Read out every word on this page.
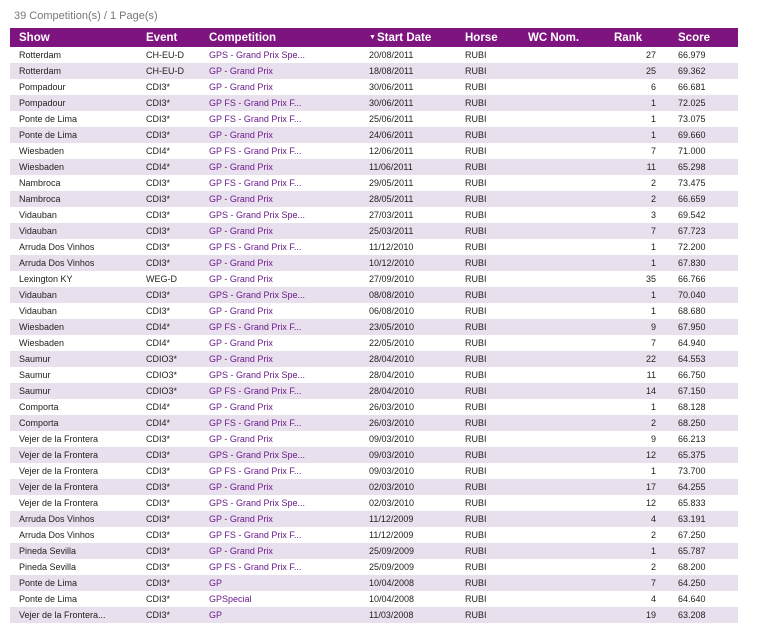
39 Competition(s) / 1 Page(s)
Show	Event	Competition	▼Start Date	Horse	WC Nom.	Rank	Score
Rotterdam	CH-EU-D	GPS - Grand Prix Spe...	20/08/2011	RUBI		27	66.979
Rotterdam	CH-EU-D	GP - Grand Prix	18/08/2011	RUBI		25	69.362
Pompadour	CDI3*	GP - Grand Prix	30/06/2011	RUBI		6	66.681
Pompadour	CDI3*	GP FS - Grand Prix F...	30/06/2011	RUBI		1	72.025
Ponte de Lima	CDI3*	GP FS - Grand Prix F...	25/06/2011	RUBI		1	73.075
Ponte de Lima	CDI3*	GP - Grand Prix	24/06/2011	RUBI		1	69.660
Wiesbaden	CDI4*	GP FS - Grand Prix F...	12/06/2011	RUBI		7	71.000
Wiesbaden	CDI4*	GP - Grand Prix	11/06/2011	RUBI		11	65.298
Nambroca	CDI3*	GP FS - Grand Prix F...	29/05/2011	RUBI		2	73.475
Nambroca	CDI3*	GP - Grand Prix	28/05/2011	RUBI		2	66.659
Vidauban	CDI3*	GPS - Grand Prix Spe...	27/03/2011	RUBI		3	69.542
Vidauban	CDI3*	GP - Grand Prix	25/03/2011	RUBI		7	67.723
Arruda Dos Vinhos	CDI3*	GP FS - Grand Prix F...	11/12/2010	RUBI		1	72.200
Arruda Dos Vinhos	CDI3*	GP - Grand Prix	10/12/2010	RUBI		1	67.830
Lexington KY	WEG-D	GP - Grand Prix	27/09/2010	RUBI		35	66.766
Vidauban	CDI3*	GPS - Grand Prix Spe...	08/08/2010	RUBI		1	70.040
Vidauban	CDI3*	GP - Grand Prix	06/08/2010	RUBI		1	68.680
Wiesbaden	CDI4*	GP FS - Grand Prix F...	23/05/2010	RUBI		9	67.950
Wiesbaden	CDI4*	GP - Grand Prix	22/05/2010	RUBI		7	64.940
Saumur	CDIO3*	GP - Grand Prix	28/04/2010	RUBI		22	64.553
Saumur	CDIO3*	GPS - Grand Prix Spe...	28/04/2010	RUBI		11	66.750
Saumur	CDIO3*	GP FS - Grand Prix F...	28/04/2010	RUBI		14	67.150
Comporta	CDI4*	GP - Grand Prix	26/03/2010	RUBI		1	68.128
Comporta	CDI4*	GP FS - Grand Prix F...	26/03/2010	RUBI		2	68.250
Vejer de la Frontera	CDI3*	GP - Grand Prix	09/03/2010	RUBI		9	66.213
Vejer de la Frontera	CDI3*	GPS - Grand Prix Spe...	09/03/2010	RUBI		12	65.375
Vejer de la Frontera	CDI3*	GP FS - Grand Prix F...	09/03/2010	RUBI		1	73.700
Vejer de la Frontera	CDI3*	GP - Grand Prix	02/03/2010	RUBI		17	64.255
Vejer de la Frontera	CDI3*	GPS - Grand Prix Spe...	02/03/2010	RUBI		12	65.833
Arruda Dos Vinhos	CDI3*	GP - Grand Prix	11/12/2009	RUBI		4	63.191
Arruda Dos Vinhos	CDI3*	GP FS - Grand Prix F...	11/12/2009	RUBI		2	67.250
Pineda Sevilla	CDI3*	GP - Grand Prix	25/09/2009	RUBI		1	65.787
Pineda Sevilla	CDI3*	GP FS - Grand Prix F...	25/09/2009	RUBI		2	68.200
Ponte de Lima	CDI3*	GP	10/04/2008	RUBI		7	64.250
Ponte de Lima	CDI3*	GPSpecial	10/04/2008	RUBI		4	64.640
Vejer de la Frontera...	CDI3*	GP	11/03/2008	RUBI		19	63.208
